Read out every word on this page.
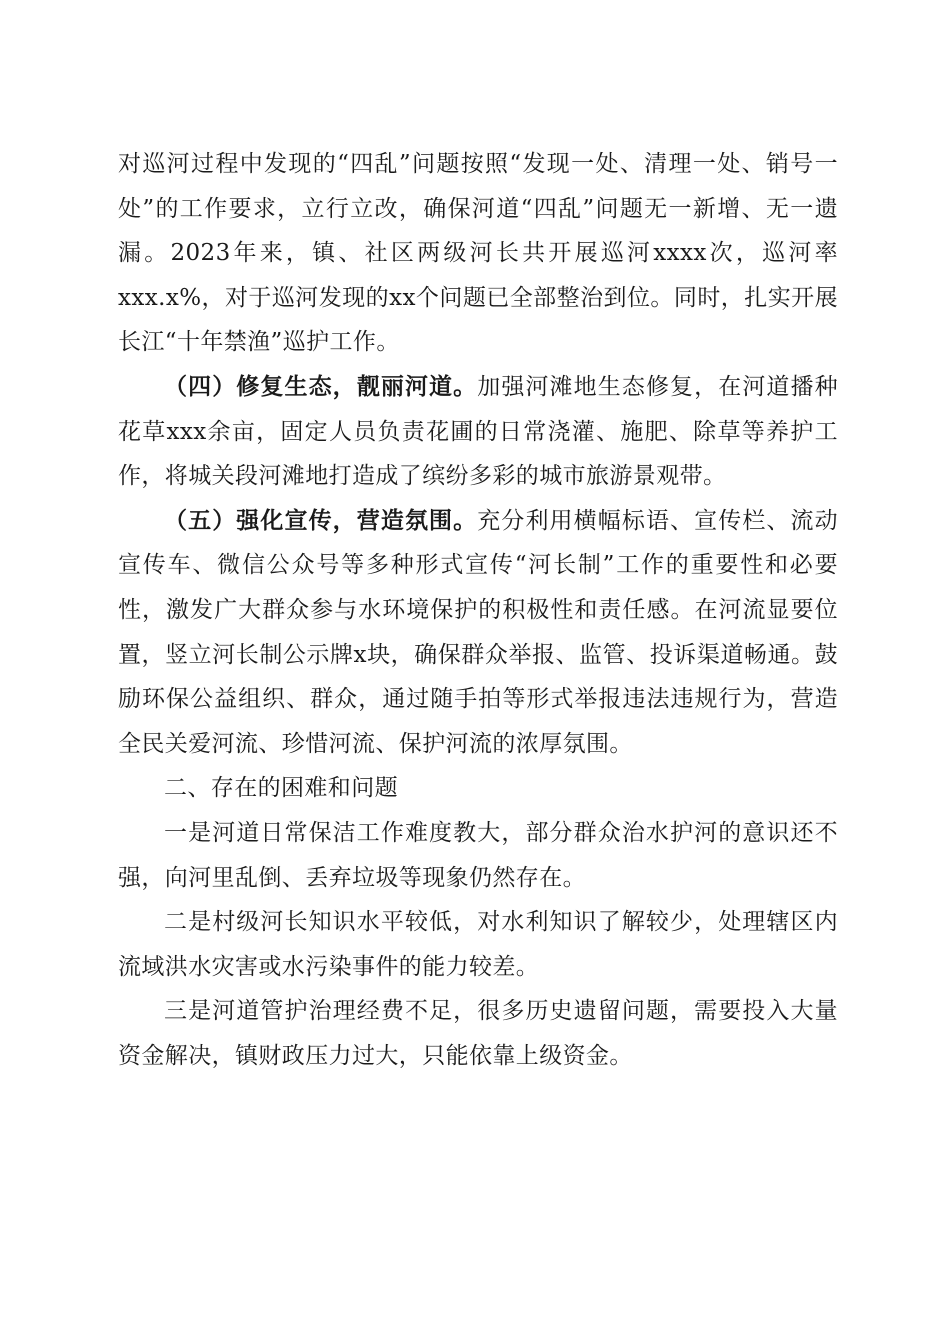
对巡河过程中发现的“四乱”问题按照“发现一处、清理一处、销号一处”的工作要求，立行立改，确保河道“四乱”问题无一新增、无一遗漏。2023年来，镇、社区两级河长共开展巡河xxxx次，巡河率xxx.x%，对于巡河发现的xx个问题已全部整治到位。同时，扎实开展长江“十年禁渔”巡护工作。

（四）修复生态，靓丽河道。加强河滩地生态修复，在河道播种花草xxx余亩，固定人员负责花圃的日常浇灌、施肥、除草等养护工作，将城关段河滩地打造成了缤纷多彩的城市旅游景观带。

（五）强化宣传，营造氛围。充分利用横幅标语、宣传栏、流动宣传车、微信公众号等多种形式宣传“河长制”工作的重要性和必要性，激发广大群众参与水环境保护的积极性和责任感。在河流显要位置，竖立河长制公示牌x块，确保群众举报、监管、投诉渠道畅通。鼓励环保公益组织、群众，通过随手拍等形式举报违法违规行为，营造全民关爱河流、珍惜河流、保护河流的浓厚氛围。

二、存在的困难和问题

一是河道日常保洁工作难度教大，部分群众治水护河的意识还不强，向河里乱倒、丢弃垃圾等现象仍然存在。

二是村级河长知识水平较低，对水利知识了解较少，处理辖区内流域洪水灾害或水污染事件的能力较差。

三是河道管护治理经费不足，很多历史遗留问题，需要投入大量资金解决，镇财政压力过大，只能依靠上级资金。
